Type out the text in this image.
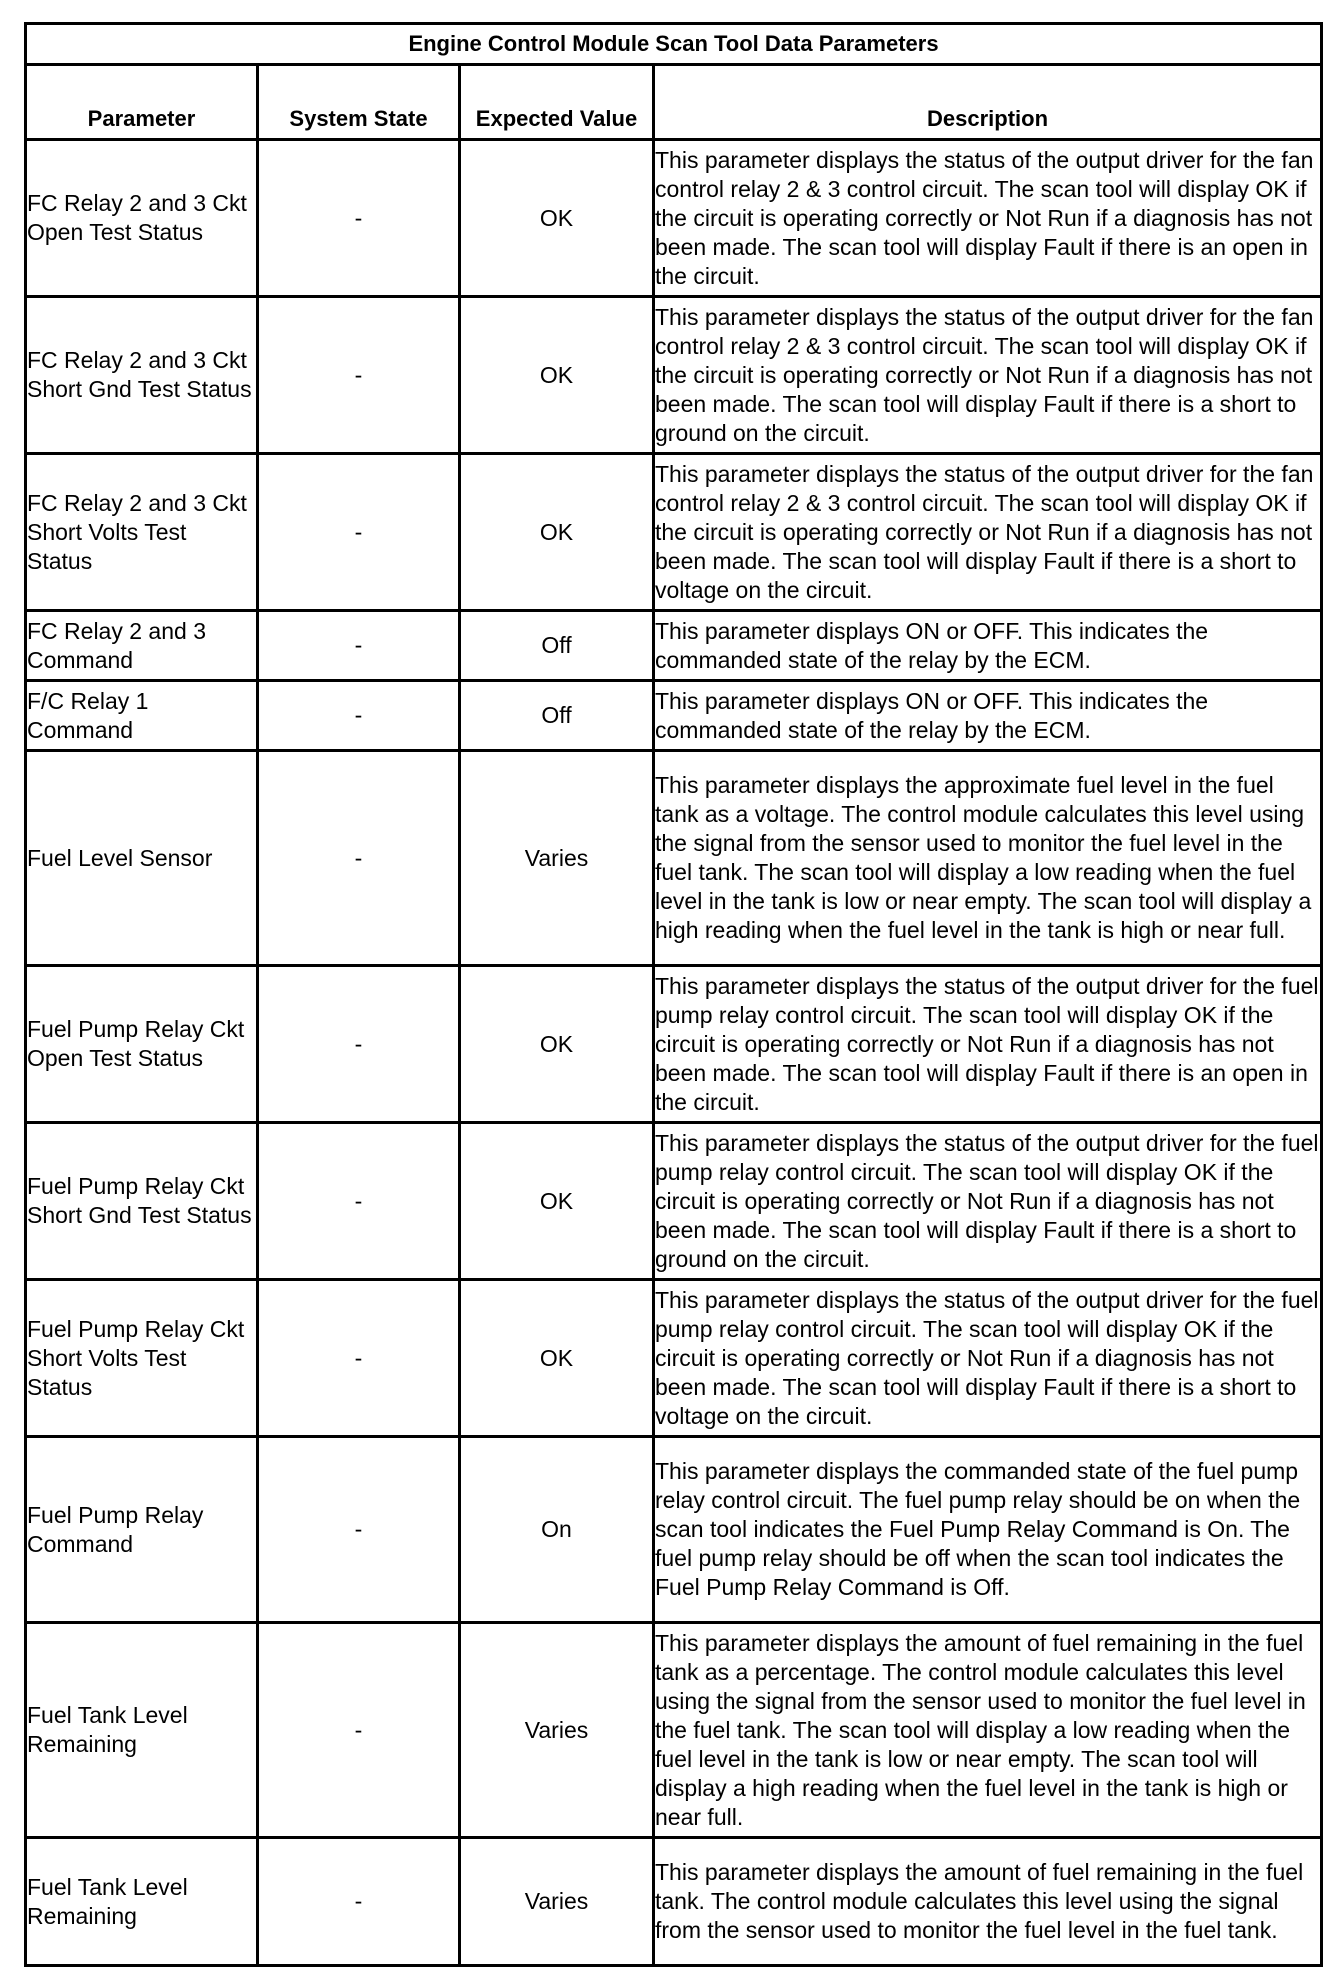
Engine Control Module Scan Tool Data Parameters			
Parameter	System State	Expected Value	Description
FC Relay 2 and 3 Ckt Open Test Status	-	OK	This parameter displays the status of the output driver for the fan control relay 2 & 3 control circuit. The scan tool will display OK if the circuit is operating correctly or Not Run if a diagnosis has not been made. The scan tool will display Fault if there is an open in the circuit.
FC Relay 2 and 3 Ckt Short Gnd Test Status	-	OK	This parameter displays the status of the output driver for the fan control relay 2 & 3 control circuit. The scan tool will display OK if the circuit is operating correctly or Not Run if a diagnosis has not been made. The scan tool will display Fault if there is a short to ground on the circuit.
FC Relay 2 and 3 Ckt Short Volts Test Status	-	OK	This parameter displays the status of the output driver for the fan control relay 2 & 3 control circuit. The scan tool will display OK if the circuit is operating correctly or Not Run if a diagnosis has not been made. The scan tool will display Fault if there is a short to voltage on the circuit.
FC Relay 2 and 3 Command	-	Off	This parameter displays ON or OFF. This indicates the commanded state of the relay by the ECM.
F/C Relay 1 Command	-	Off	This parameter displays ON or OFF. This indicates the commanded state of the relay by the ECM.
Fuel Level Sensor	-	Varies	This parameter displays the approximate fuel level in the fuel tank as a voltage. The control module calculates this level using the signal from the sensor used to monitor the fuel level in the fuel tank. The scan tool will display a low reading when the fuel level in the tank is low or near empty. The scan tool will display a high reading when the fuel level in the tank is high or near full.
Fuel Pump Relay Ckt Open Test Status	-	OK	This parameter displays the status of the output driver for the fuel pump relay control circuit. The scan tool will display OK if the circuit is operating correctly or Not Run if a diagnosis has not been made. The scan tool will display Fault if there is an open in the circuit.
Fuel Pump Relay Ckt Short Gnd Test Status	-	OK	This parameter displays the status of the output driver for the fuel pump relay control circuit. The scan tool will display OK if the circuit is operating correctly or Not Run if a diagnosis has not been made. The scan tool will display Fault if there is a short to ground on the circuit.
Fuel Pump Relay Ckt Short Volts Test Status	-	OK	This parameter displays the status of the output driver for the fuel pump relay control circuit. The scan tool will display OK if the circuit is operating correctly or Not Run if a diagnosis has not been made. The scan tool will display Fault if there is a short to voltage on the circuit.
Fuel Pump Relay Command	-	On	This parameter displays the commanded state of the fuel pump relay control circuit. The fuel pump relay should be on when the scan tool indicates the Fuel Pump Relay Command is On. The fuel pump relay should be off when the scan tool indicates the Fuel Pump Relay Command is Off.
Fuel Tank Level Remaining	-	Varies	This parameter displays the amount of fuel remaining in the fuel tank as a percentage. The control module calculates this level using the signal from the sensor used to monitor the fuel level in the fuel tank. The scan tool will display a low reading when the fuel level in the tank is low or near empty. The scan tool will display a high reading when the fuel level in the tank is high or near full.
Fuel Tank Level Remaining	-	Varies	This parameter displays the amount of fuel remaining in the fuel tank. The control module calculates this level using the signal from the sensor used to monitor the fuel level in the fuel tank.
